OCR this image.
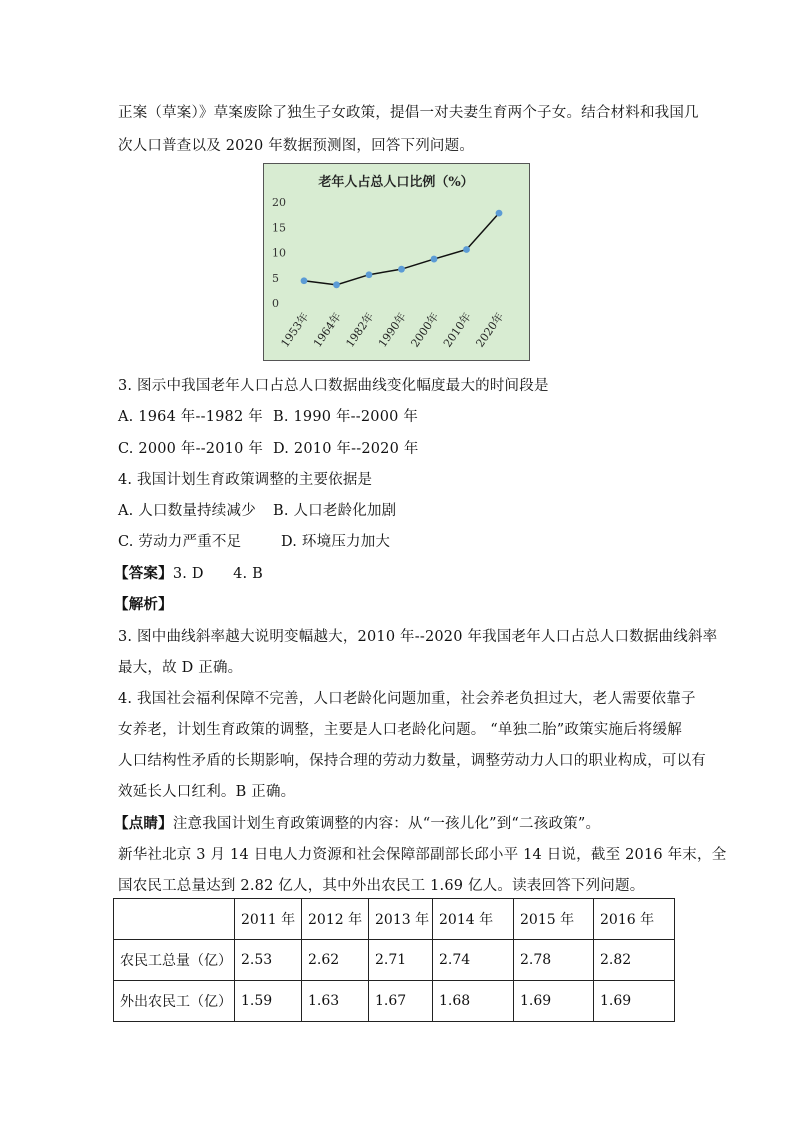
正案（草案）》草案废除了独生子女政策，提倡一对夫妻生育两个子女。结合材料和我国几
次人口普查以及 2020 年数据预测图，回答下列问题。
老年人占总人口比例（%）
0
5
10
15
20
1953年 1964年 1982年 1990年 2000年 2010年 2020年
3. 图示中我国老年人口占总人口数据曲线变化幅度最大的时间段是
A. 1964 年--1982 年 B. 1990 年--2000 年
C. 2000 年--2010 年 D. 2010 年--2020 年
4. 我国计划生育政策调整的主要依据是
A. 人口数量持续减少 B. 人口老龄化加剧
C. 劳动力严重不足	D. 环境压力加大
【答案】3. D　　4. B
【解析】
3. 图中曲线斜率越大说明变幅越大，2010 年--2020 年我国老年人口占总人口数据曲线斜率
最大，故 D 正确。
4. 我国社会福利保障不完善，人口老龄化问题加重，社会养老负担过大，老人需要依靠子
女养老，计划生育政策的调整，主要是人口老龄化问题。 “单独二胎”政策实施后将缓解
人口结构性矛盾的长期影响，保持合理的劳动力数量，调整劳动力人口的职业构成，可以有
效延长人口红利。B 正确。
【点睛】注意我国计划生育政策调整的内容：从“一孩儿化”到“二孩政策”。
新华社北京 3 月 14 日电人力资源和社会保障部副部长邱小平 14 日说，截至 2016 年末，全
国农民工总量达到 2.82 亿人，其中外出农民工 1.69 亿人。读表回答下列问题。
	2011 年	2012 年	2013 年	2014 年	2015 年	2016 年
农民工总量（亿）	2.53	2.62	2.71	2.74	2.78	2.82
外出农民工（亿）	1.59	1.63	1.67	1.68	1.69	1.69
